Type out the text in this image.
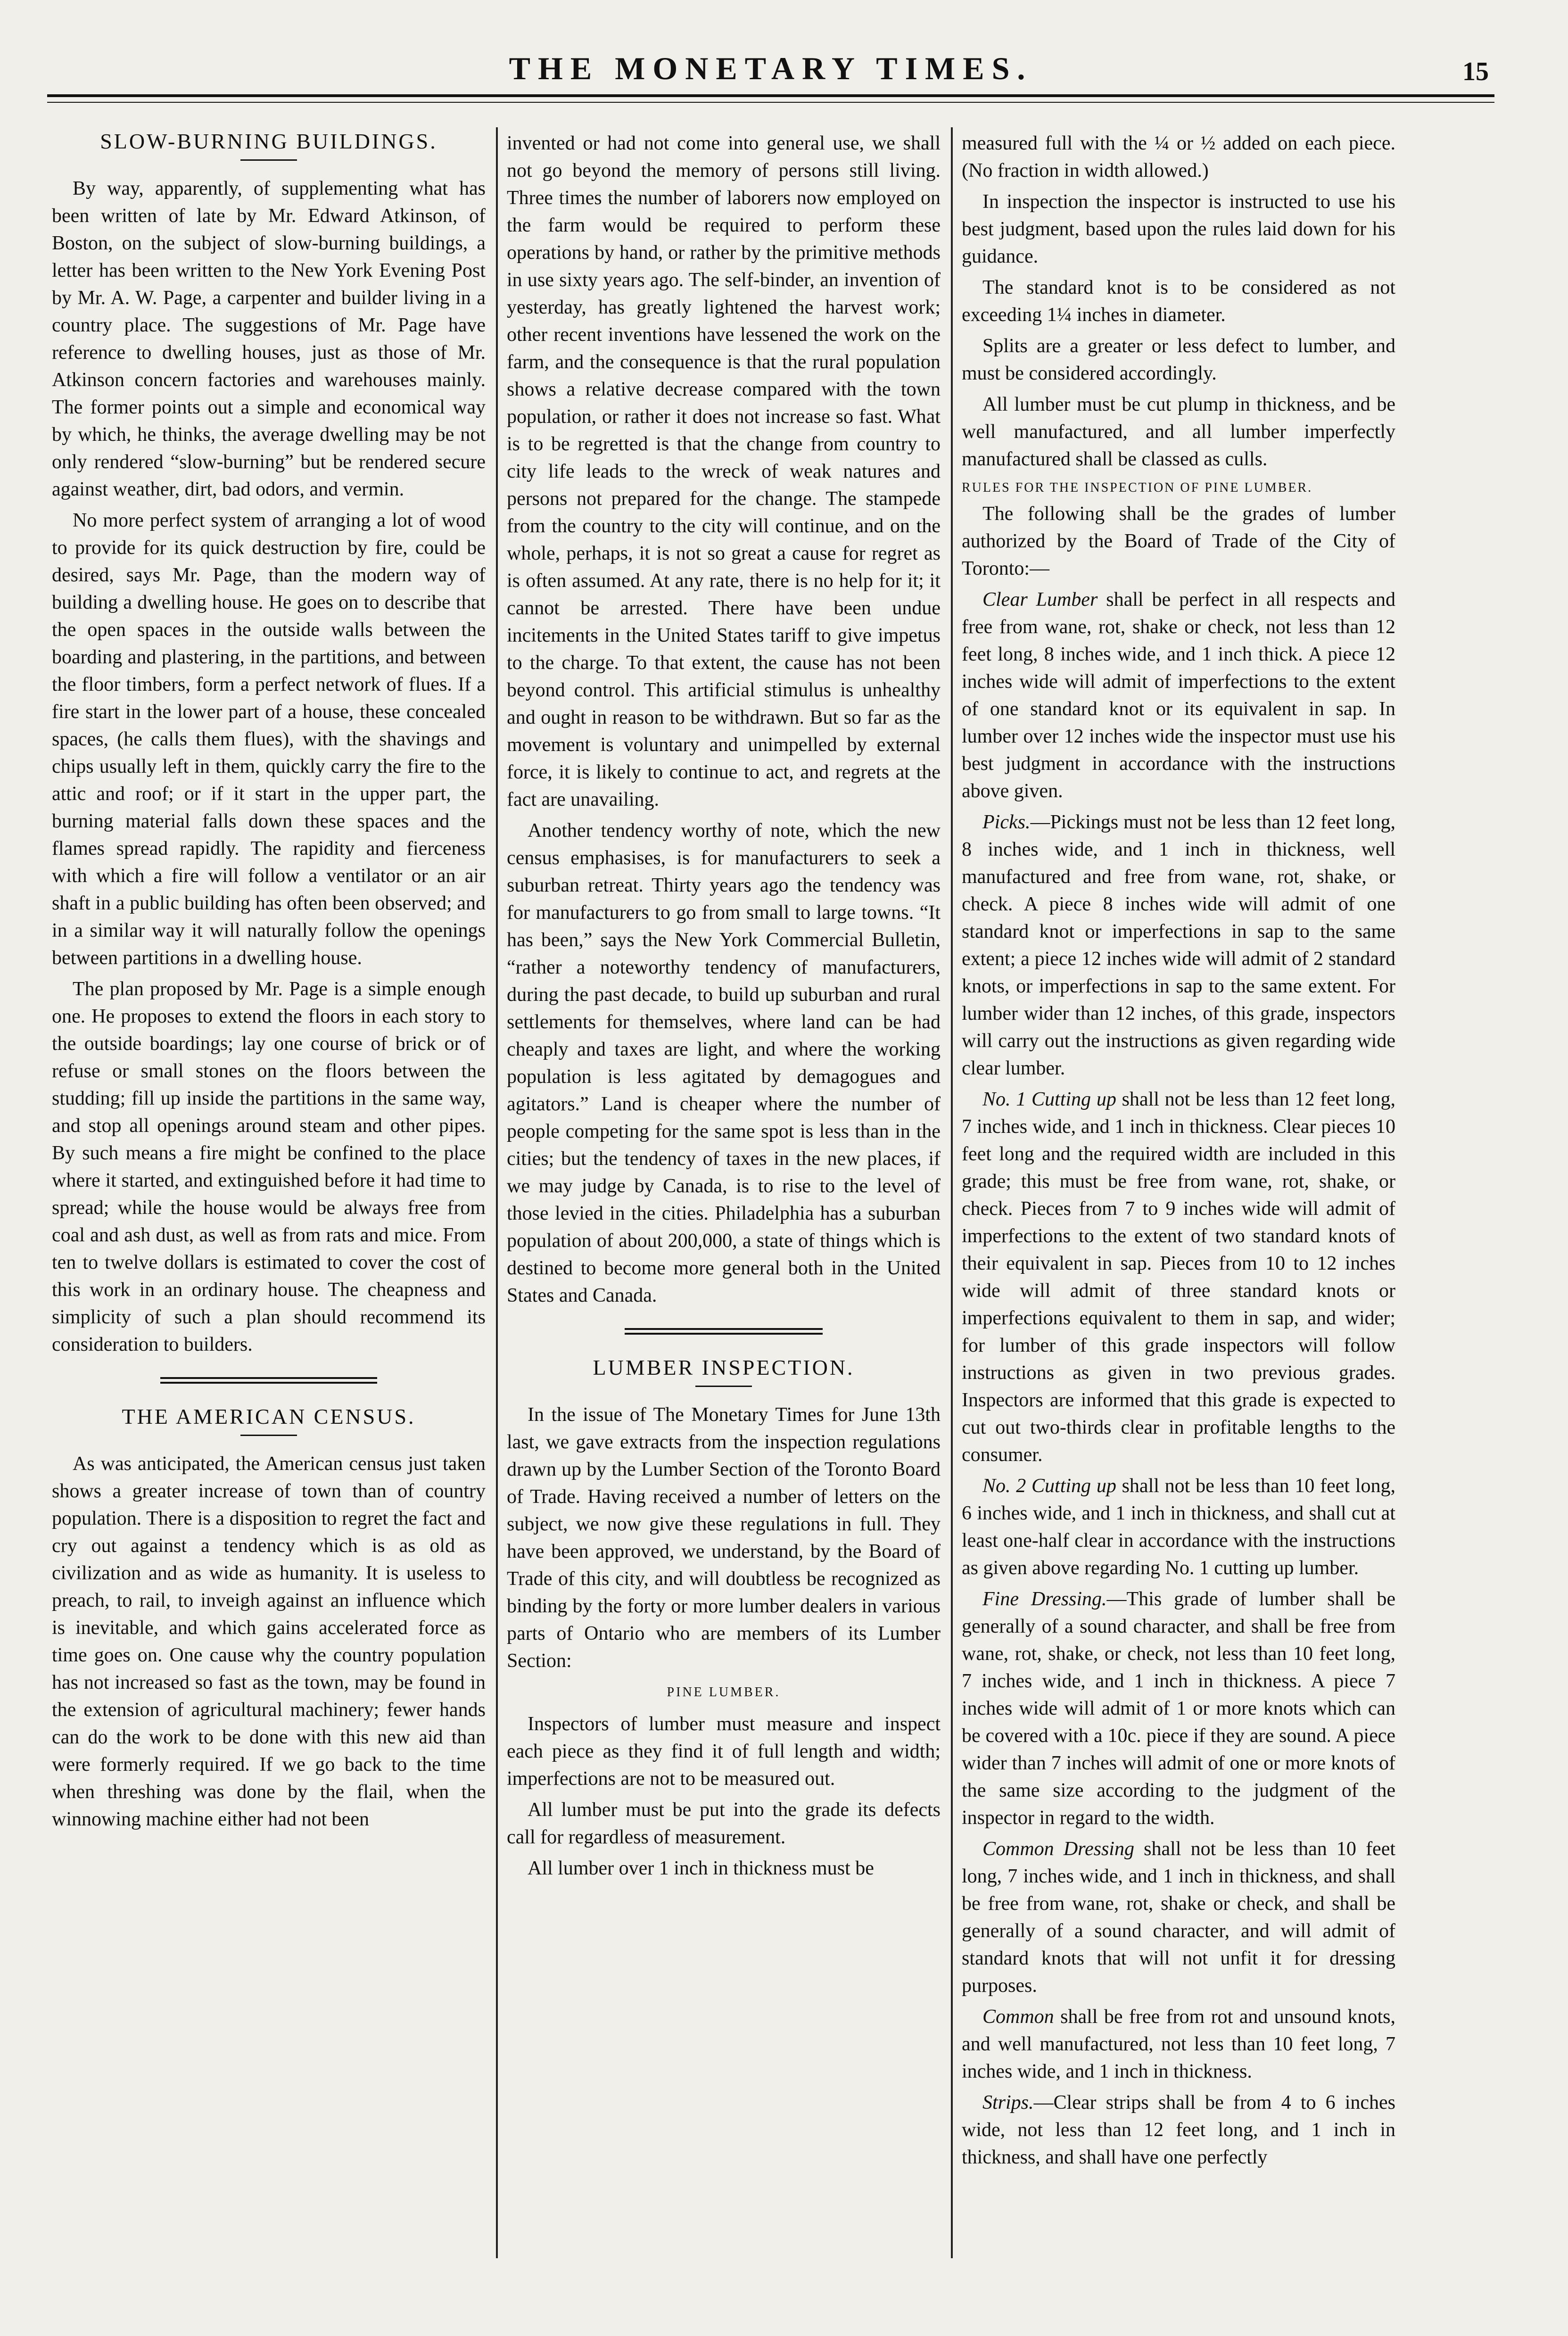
THE MONETARY TIMES.	15
SLOW-BURNING BUILDINGS.

By way, apparently, of supplementing what has been written of late by Mr. Edward Atkinson, of Boston, on the subject of slow-burning buildings, a letter has been written to the New York Evening Post by Mr. A. W. Page, a carpenter and builder living in a country place. The suggestions of Mr. Page have reference to dwelling houses, just as those of Mr. Atkinson concern factories and warehouses mainly. The former points out a simple and economical way by which, he thinks, the average dwelling may be not only rendered “slow-burning” but be rendered secure against weather, dirt, bad odors, and vermin.

No more perfect system of arranging a lot of wood to provide for its quick destruction by fire, could be desired, says Mr. Page, than the modern way of building a dwelling house. He goes on to describe that the open spaces in the outside walls between the boarding and plastering, in the partitions, and between the floor timbers, form a perfect network of flues. If a fire start in the lower part of a house, these concealed spaces, (he calls them flues), with the shavings and chips usually left in them, quickly carry the fire to the attic and roof; or if it start in the upper part, the burning material falls down these spaces and the flames spread rapidly. The rapidity and fierceness with which a fire will follow a ventilator or an air shaft in a public building has often been observed; and in a similar way it will naturally follow the openings between partitions in a dwelling house.

The plan proposed by Mr. Page is a simple enough one. He proposes to extend the floors in each story to the outside boardings; lay one course of brick or of refuse or small stones on the floors between the studding; fill up inside the partitions in the same way, and stop all openings around steam and other pipes. By such means a fire might be confined to the place where it started, and extinguished before it had time to spread; while the house would be always free from coal and ash dust, as well as from rats and mice. From ten to twelve dollars is estimated to cover the cost of this work in an ordinary house. The cheapness and simplicity of such a plan should recommend its consideration to builders.

THE AMERICAN CENSUS.

As was anticipated, the American census just taken shows a greater increase of town than of country population. There is a disposition to regret the fact and cry out against a tendency which is as old as civilization and as wide as humanity. It is useless to preach, to rail, to inveigh against an influence which is inevitable, and which gains accelerated force as time goes on. One cause why the country population has not increased so fast as the town, may be found in the extension of agricultural machinery; fewer hands can do the work to be done with this new aid than were formerly required. If we go back to the time when threshing was done by the flail, when the winnowing machine either had not been

invented or had not come into general use, we shall not go beyond the memory of persons still living. Three times the number of laborers now employed on the farm would be required to perform these operations by hand, or rather by the primitive methods in use sixty years ago. The self-binder, an invention of yesterday, has greatly lightened the harvest work; other recent inventions have lessened the work on the farm, and the consequence is that the rural population shows a relative decrease compared with the town population, or rather it does not increase so fast. What is to be regretted is that the change from country to city life leads to the wreck of weak natures and persons not prepared for the change. The stampede from the country to the city will continue, and on the whole, perhaps, it is not so great a cause for regret as is often assumed. At any rate, there is no help for it; it cannot be arrested. There have been undue incitements in the United States tariff to give impetus to the charge. To that extent, the cause has not been beyond control. This artificial stimulus is unhealthy and ought in reason to be withdrawn. But so far as the movement is voluntary and unimpelled by external force, it is likely to continue to act, and regrets at the fact are unavailing.

Another tendency worthy of note, which the new census emphasises, is for manufacturers to seek a suburban retreat. Thirty years ago the tendency was for manufacturers to go from small to large towns. “It has been,” says the New York Commercial Bulletin, “rather a noteworthy tendency of manufacturers, during the past decade, to build up suburban and rural settlements for themselves, where land can be had cheaply and taxes are light, and where the working population is less agitated by demagogues and agitators.” Land is cheaper where the number of people competing for the same spot is less than in the cities; but the tendency of taxes in the new places, if we may judge by Canada, is to rise to the level of those levied in the cities. Philadelphia has a suburban population of about 200,000, a state of things which is destined to become more general both in the United States and Canada.

LUMBER INSPECTION.

In the issue of The Monetary Times for June 13th last, we gave extracts from the inspection regulations drawn up by the Lumber Section of the Toronto Board of Trade. Having received a number of letters on the subject, we now give these regulations in full. They have been approved, we understand, by the Board of Trade of this city, and will doubtless be recognized as binding by the forty or more lumber dealers in various parts of Ontario who are members of its Lumber Section:

PINE LUMBER.

Inspectors of lumber must measure and inspect each piece as they find it of full length and width; imperfections are not to be measured out.

All lumber must be put into the grade its defects call for regardless of measurement.

All lumber over 1 inch in thickness must be

measured full with the ¼ or ½ added on each piece. (No fraction in width allowed.)

In inspection the inspector is instructed to use his best judgment, based upon the rules laid down for his guidance.

The standard knot is to be considered as not exceeding 1¼ inches in diameter.

Splits are a greater or less defect to lumber, and must be considered accordingly.

All lumber must be cut plump in thickness, and be well manufactured, and all lumber imperfectly manufactured shall be classed as culls.

RULES FOR THE INSPECTION OF PINE LUMBER.

The following shall be the grades of lumber authorized by the Board of Trade of the City of Toronto:—

Clear Lumber shall be perfect in all respects and free from wane, rot, shake or check, not less than 12 feet long, 8 inches wide, and 1 inch thick. A piece 12 inches wide will admit of imperfections to the extent of one standard knot or its equivalent in sap. In lumber over 12 inches wide the inspector must use his best judgment in accordance with the instructions above given.

Picks.—Pickings must not be less than 12 feet long, 8 inches wide, and 1 inch in thickness, well manufactured and free from wane, rot, shake, or check. A piece 8 inches wide will admit of one standard knot or imperfections in sap to the same extent; a piece 12 inches wide will admit of 2 standard knots, or imperfections in sap to the same extent. For lumber wider than 12 inches, of this grade, inspectors will carry out the instructions as given regarding wide clear lumber.

No. 1 Cutting up shall not be less than 12 feet long, 7 inches wide, and 1 inch in thickness. Clear pieces 10 feet long and the required width are included in this grade; this must be free from wane, rot, shake, or check. Pieces from 7 to 9 inches wide will admit of imperfections to the extent of two standard knots of their equivalent in sap. Pieces from 10 to 12 inches wide will admit of three standard knots or imperfections equivalent to them in sap, and wider; for lumber of this grade inspectors will follow instructions as given in two previous grades. Inspectors are informed that this grade is expected to cut out two-thirds clear in profitable lengths to the consumer.

No. 2 Cutting up shall not be less than 10 feet long, 6 inches wide, and 1 inch in thickness, and shall cut at least one-half clear in accordance with the instructions as given above regarding No. 1 cutting up lumber.

Fine Dressing.—This grade of lumber shall be generally of a sound character, and shall be free from wane, rot, shake, or check, not less than 10 feet long, 7 inches wide, and 1 inch in thickness. A piece 7 inches wide will admit of 1 or more knots which can be covered with a 10c. piece if they are sound. A piece wider than 7 inches will admit of one or more knots of the same size according to the judgment of the inspector in regard to the width.

Common Dressing shall not be less than 10 feet long, 7 inches wide, and 1 inch in thickness, and shall be free from wane, rot, shake or check, and shall be generally of a sound character, and will admit of standard knots that will not unfit it for dressing purposes.

Common shall be free from rot and unsound knots, and well manufactured, not less than 10 feet long, 7 inches wide, and 1 inch in thickness.

Strips.—Clear strips shall be from 4 to 6 inches wide, not less than 12 feet long, and 1 inch in thickness, and shall have one perfectly
